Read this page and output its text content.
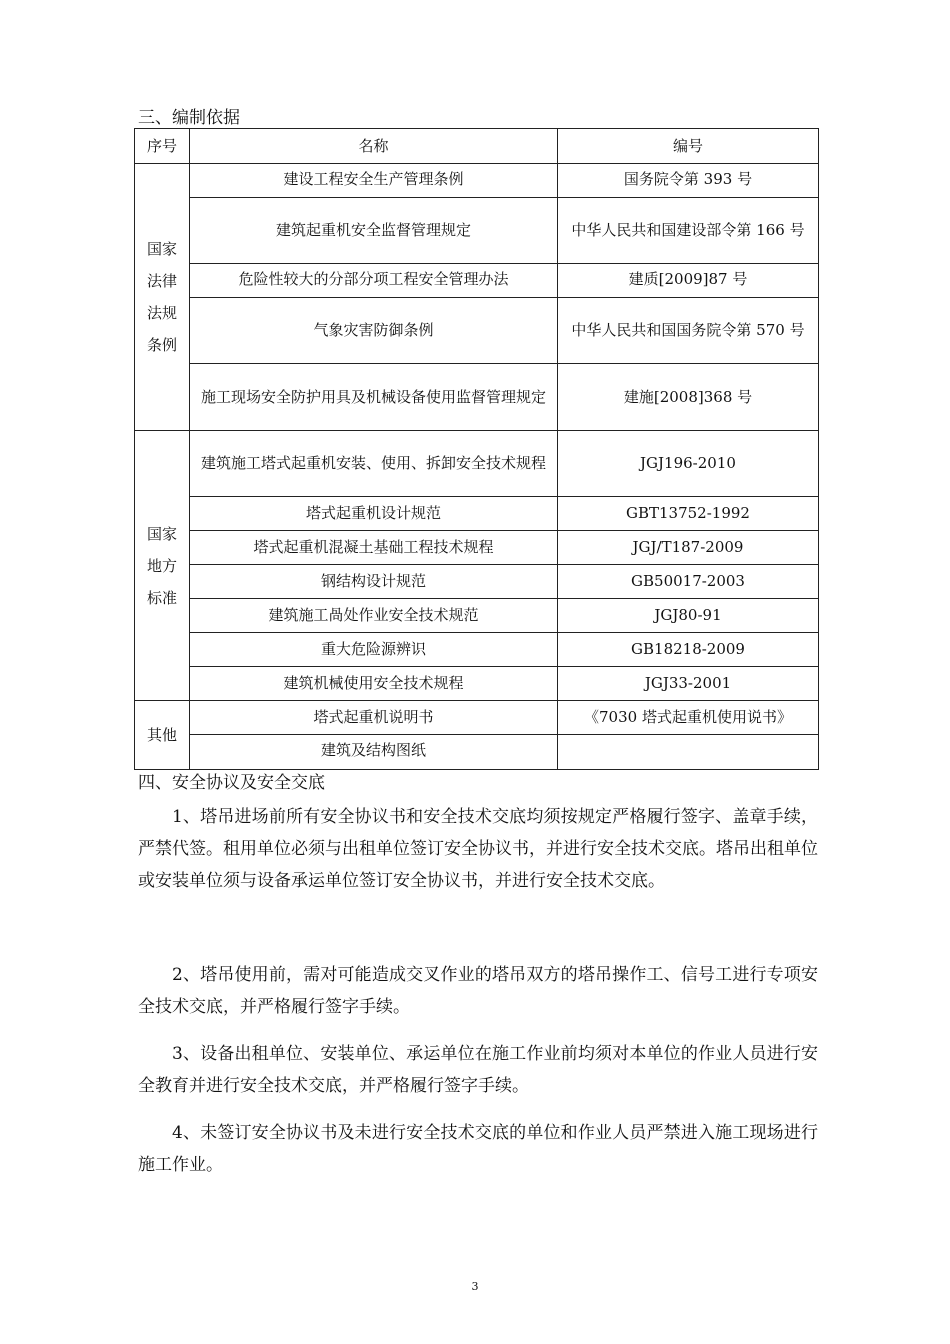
三、编制依据
序号	名称	编号

国家
法律
法规
条例	建设工程安全生产管理条例	国务院令第 393 号
	建筑起重机安全监督管理规定	中华人民共和国建设部令第 166 号
	危险性较大的分部分项工程安全管理办法	建质[2009]87 号
	气象灾害防御条例	中华人民共和国国务院令第 570 号
	施工现场安全防护用具及机械设备使用监督管理规定	建施[2008]368 号

国家
地方
标准	建筑施工塔式起重机安装、使用、拆卸安全技术规程	JGJ196-2010
	塔式起重机设计规范	GBT13752-1992
	塔式起重机混凝土基础工程技术规程	JGJ/T187-2009
	钢结构设计规范	GB50017-2003
	建筑施工咼处作业安全技术规范	JGJ80-91
	重大危险源辨识	GB18218-2009
	建筑机械使用安全技术规程	JGJ33-2001

其他	塔式起重机说明书	《7030 塔式起重机使用说书》
	建筑及结构图纸	
四、安全协议及安全交底

1、塔吊进场前所有安全协议书和安全技术交底均须按规定严格履行签字、盖章手续，严禁代签。租用单位必须与出租单位签订安全协议书，并进行安全技术交底。塔吊出租单位或安装单位须与设备承运单位签订安全协议书，并进行安全技术交底。

2、塔吊使用前，需对可能造成交叉作业的塔吊双方的塔吊操作工、信号工进行专项安全技术交底，并严格履行签字手续。

3、设备出租单位、安装单位、承运单位在施工作业前均须对本单位的作业人员进行安全教育并进行安全技术交底，并严格履行签字手续。

4、未签订安全协议书及未进行安全技术交底的单位和作业人员严禁进入施工现场进行施工作业。

3
